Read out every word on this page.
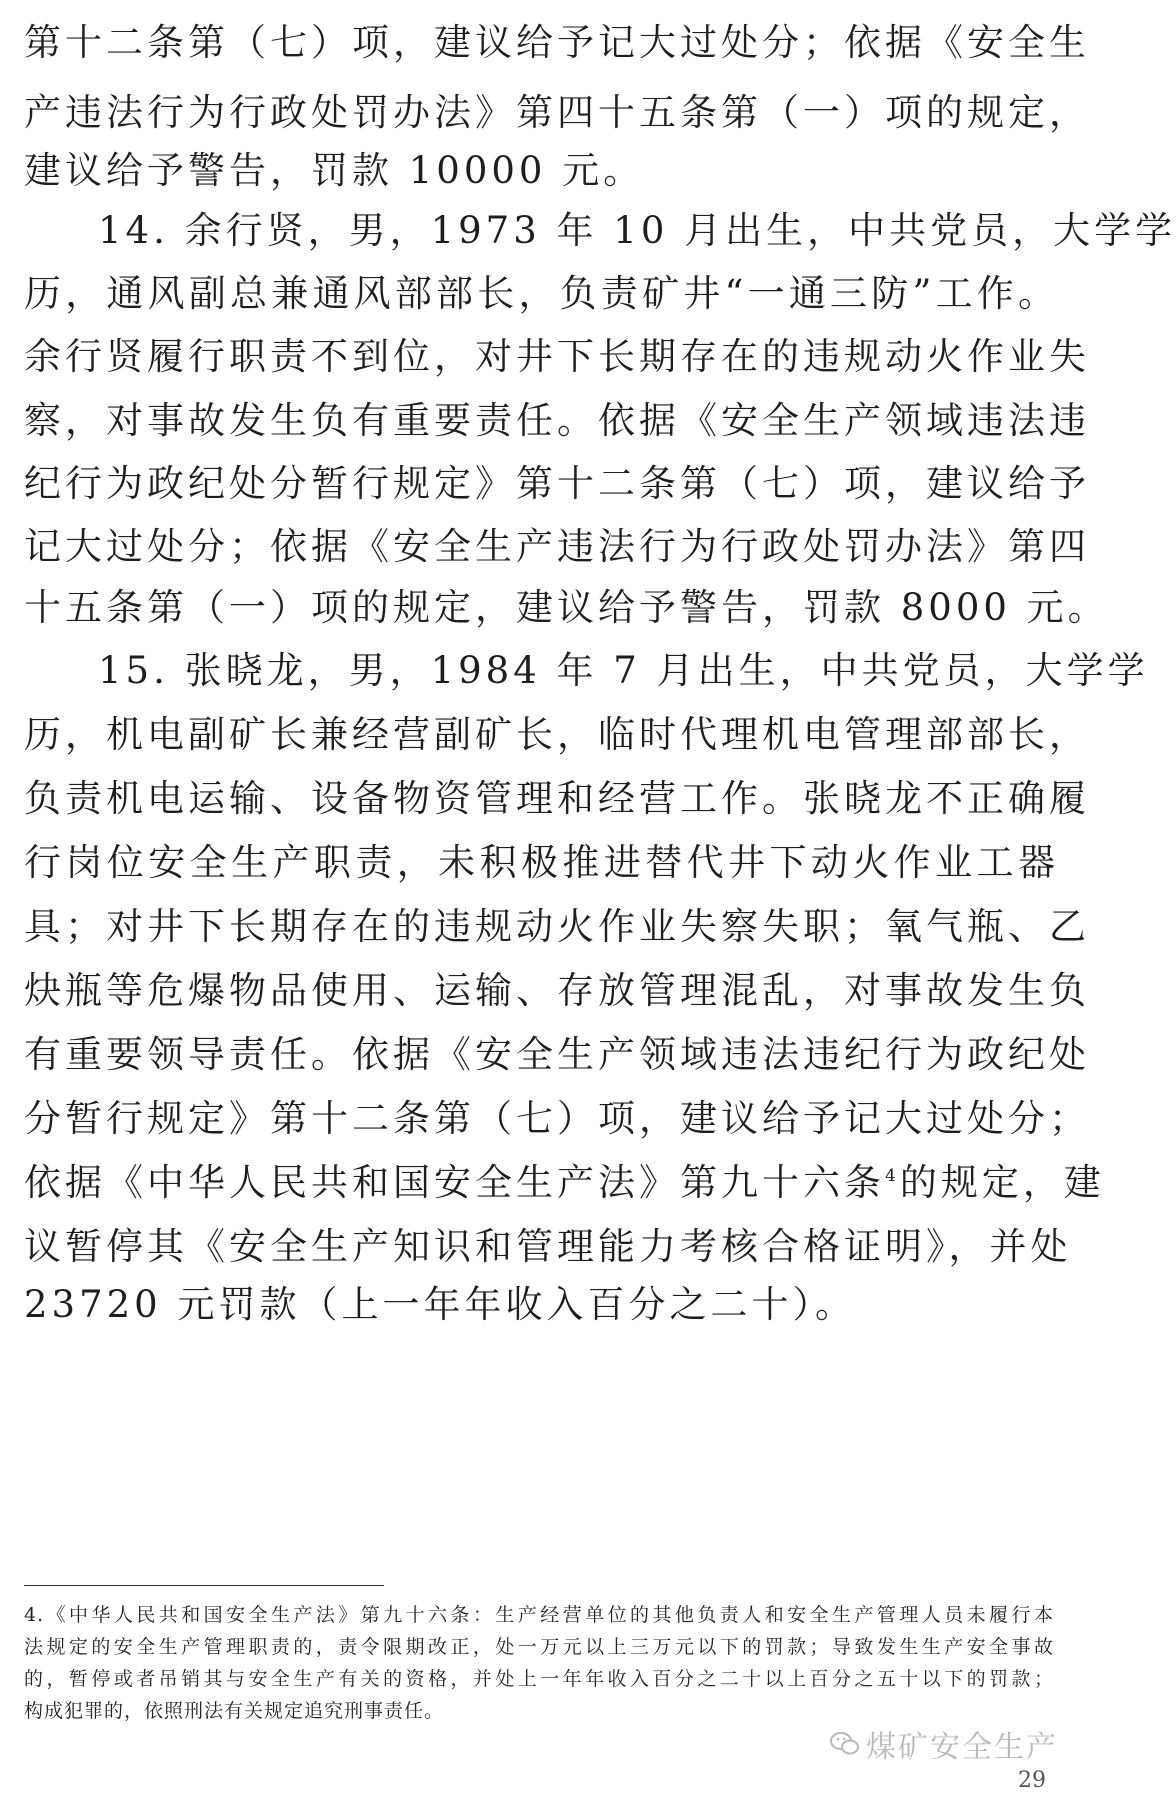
第十二条第（七）项，建议给予记大过处分；依据《安全生
产违法行为行政处罚办法》第四十五条第（一）项的规定，
建议给予警告，罚款 10000 元。
14. 余行贤，男，1973 年 10 月出生，中共党员，大学学
历，通风副总兼通风部部长，负责矿井“一通三防”工作。
余行贤履行职责不到位，对井下长期存在的违规动火作业失
察，对事故发生负有重要责任。依据《安全生产领域违法违
纪行为政纪处分暂行规定》第十二条第（七）项，建议给予
记大过处分；依据《安全生产违法行为行政处罚办法》第四
十五条第（一）项的规定，建议给予警告，罚款 8000 元。
15. 张晓龙，男，1984 年 7 月出生，中共党员，大学学
历，机电副矿长兼经营副矿长，临时代理机电管理部部长，
负责机电运输、设备物资管理和经营工作。张晓龙不正确履
行岗位安全生产职责，未积极推进替代井下动火作业工器
具；对井下长期存在的违规动火作业失察失职；氧气瓶、乙
炔瓶等危爆物品使用、运输、存放管理混乱，对事故发生负
有重要领导责任。依据《安全生产领域违法违纪行为政纪处
分暂行规定》第十二条第（七）项，建议给予记大过处分；
依据《中华人民共和国安全生产法》第九十六条$^4$的规定，建
议暂停其《安全生产知识和管理能力考核合格证明》，并处
23720 元罚款（上一年年收入百分之二十）。
4.《中华人民共和国安全生产法》第九十六条：生产经营单位的其他负责人和安全生产管理人员未履行本
法规定的安全生产管理职责的，责令限期改正，处一万元以上三万元以下的罚款；导致发生生产安全事故
的，暂停或者吊销其与安全生产有关的资格，并处上一年年收入百分之二十以上百分之五十以下的罚款；
构成犯罪的，依照刑法有关规定追究刑事责任。
煤矿安全生产
29
